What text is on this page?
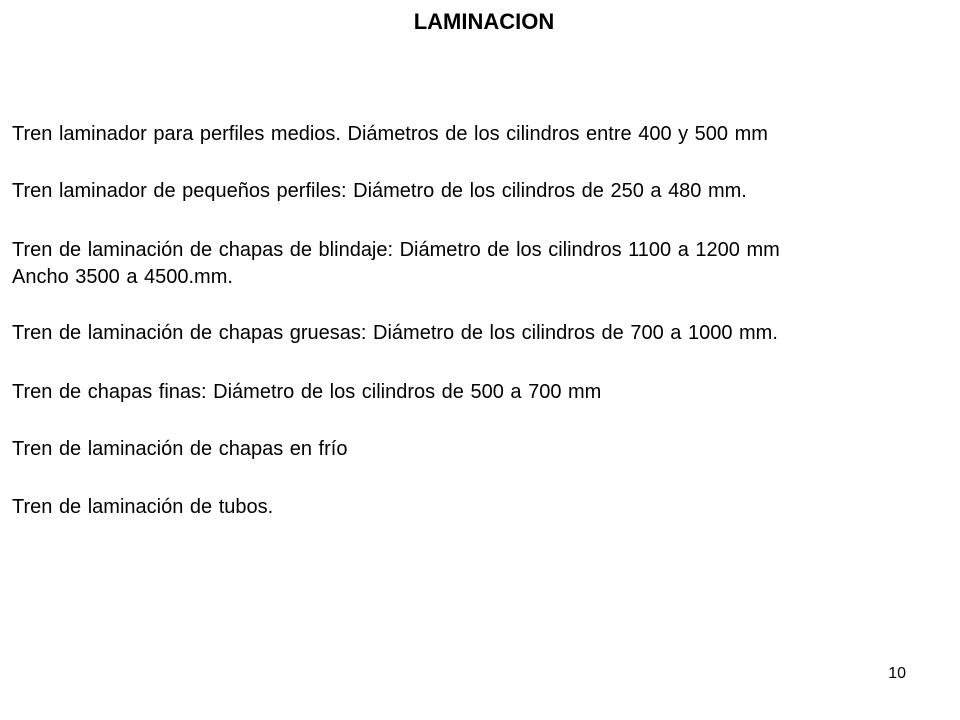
LAMINACION
Tren laminador para perfiles medios. Diámetros de los cilindros entre 400 y 500 mm
Tren laminador de pequeños perfiles: Diámetro de los cilindros de 250 a 480 mm.
Tren de laminación de chapas de blindaje: Diámetro de los cilindros 1100 a 1200 mm
Ancho 3500 a 4500.mm.
Tren de laminación de chapas gruesas: Diámetro de los cilindros de 700 a 1000 mm.
Tren de chapas finas: Diámetro de los cilindros de 500 a 700 mm
Tren de laminación de chapas en frío
Tren de laminación de tubos.
10
